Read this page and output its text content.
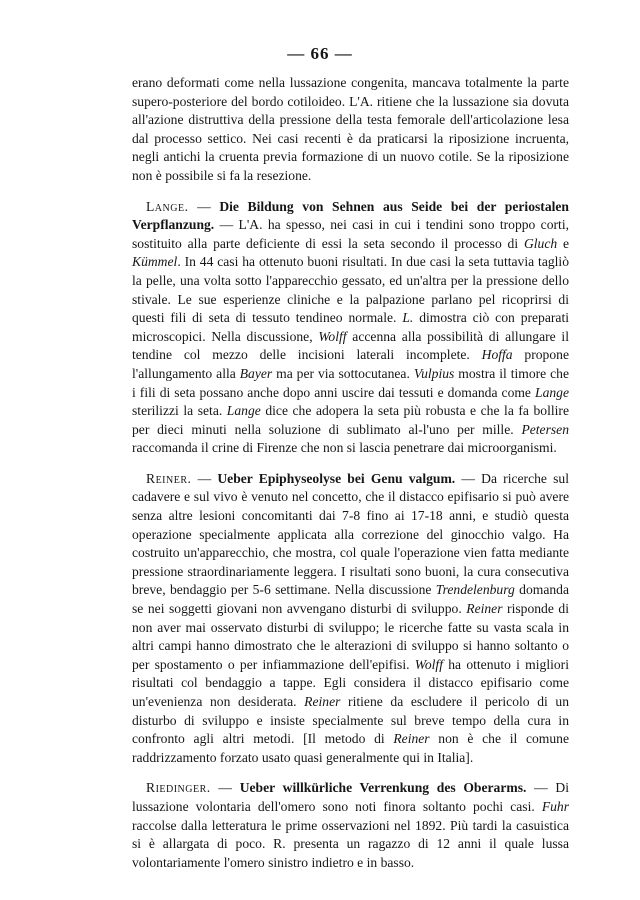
— 66 —

erano deformati come nella lussazione congenita, mancava totalmente la parte supero-posteriore del bordo cotiloideo. L'A. ritiene che la lussazione sia dovuta all'azione distruttiva della pressione della testa femorale dell'articolazione lesa dal processo settico. Nei casi recenti è da praticarsi la riposizione incruenta, negli antichi la cruenta previa formazione di un nuovo cotile. Se la riposizione non è possibile si fa la resezione.

Lange. — Die Bildung von Sehnen aus Seide bei der periostalen Verpflanzung. — L'A. ha spesso, nei casi in cui i tendini sono troppo corti, sostituito alla parte deficiente di essi la seta secondo il processo di Gluch e Kümmel. In 44 casi ha ottenuto buoni risultati. In due casi la seta tuttavia tagliò la pelle, una volta sotto l'apparecchio gessato, ed un'altra per la pressione dello stivale. Le sue esperienze cliniche e la palpazione parlano pel ricoprirsi di questi fili di seta di tessuto tendineo normale. L. dimostra ciò con preparati microscopici. Nella discussione, Wolff accenna alla possibilità di allungare il tendine col mezzo delle incisioni laterali incomplete. Hoffa propone l'allungamento alla Bayer ma per via sottocutanea. Vulpius mostra il timore che i fili di seta possano anche dopo anni uscire dai tessuti e domanda come Lange sterilizzi la seta. Lange dice che adopera la seta più robusta e che la fa bollire per dieci minuti nella soluzione di sublimato al-l'uno per mille. Petersen raccomanda il crine di Firenze che non si lascia penetrare dai microorganismi.

Reiner. — Ueber Epiphyseolyse bei Genu valgum. — Da ricerche sul cadavere e sul vivo è venuto nel concetto, che il distacco epifisario si può avere senza altre lesioni concomitanti dai 7-8 fino ai 17-18 anni, e studiò questa operazione specialmente applicata alla correzione del ginocchio valgo. Ha costruito un'apparecchio, che mostra, col quale l'operazione vien fatta mediante pressione straordinariamente leggera. I risultati sono buoni, la cura consecutiva breve, bendaggio per 5-6 settimane. Nella discussione Trendelenburg domanda se nei soggetti giovani non avvengano disturbi di sviluppo. Reiner risponde di non aver mai osservato disturbi di sviluppo; le ricerche fatte su vasta scala in altri campi hanno dimostrato che le alterazioni di sviluppo si hanno soltanto o per spostamento o per infiammazione dell'epifisi. Wolff ha ottenuto i migliori risultati col bendaggio a tappe. Egli considera il distacco epifisario come un'evenienza non desiderata. Reiner ritiene da escludere il pericolo di un disturbo di sviluppo e insiste specialmente sul breve tempo della cura in confronto agli altri metodi. [Il metodo di Reiner non è che il comune raddrizzamento forzato usato quasi generalmente qui in Italia].

Riedinger. — Ueber willkürliche Verrenkung des Oberarms. — Di lussazione volontaria dell'omero sono noti finora soltanto pochi casi. Fuhr raccolse dalla letteratura le prime osservazioni nel 1892. Più tardi la casuistica si è allargata di poco. R. presenta un ragazzo di 12 anni il quale lussa volontariamente l'omero sinistro indietro e in basso.
